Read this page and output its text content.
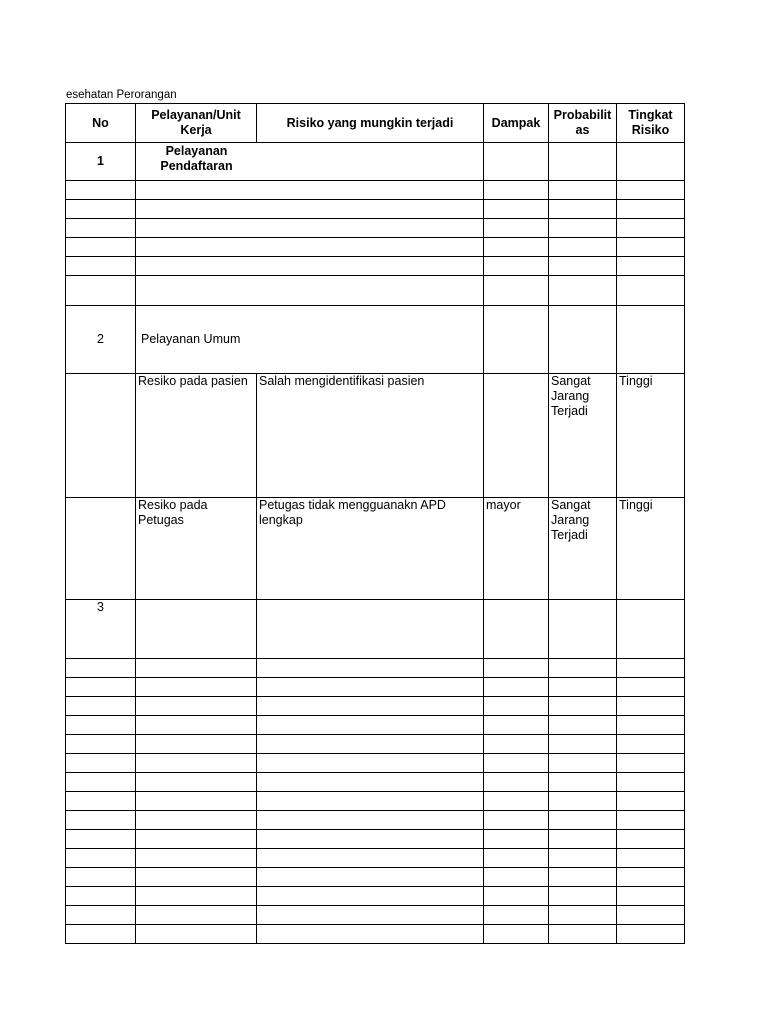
esehatan Perorangan
No	Pelayanan/Unit Kerja	Risiko yang mungkin terjadi	Dampak	Probabilitas	Tingkat Risiko
1	Pelayanan Pendaftaran				

2	Pelayanan Umum				
	Resiko pada pasien	Salah mengidentifikasi pasien		Sangat Jarang Terjadi	Tinggi
	Resiko pada Petugas	Petugas tidak mengguanakn APD lengkap	mayor	Sangat Jarang Terjadi	Tinggi
3					
